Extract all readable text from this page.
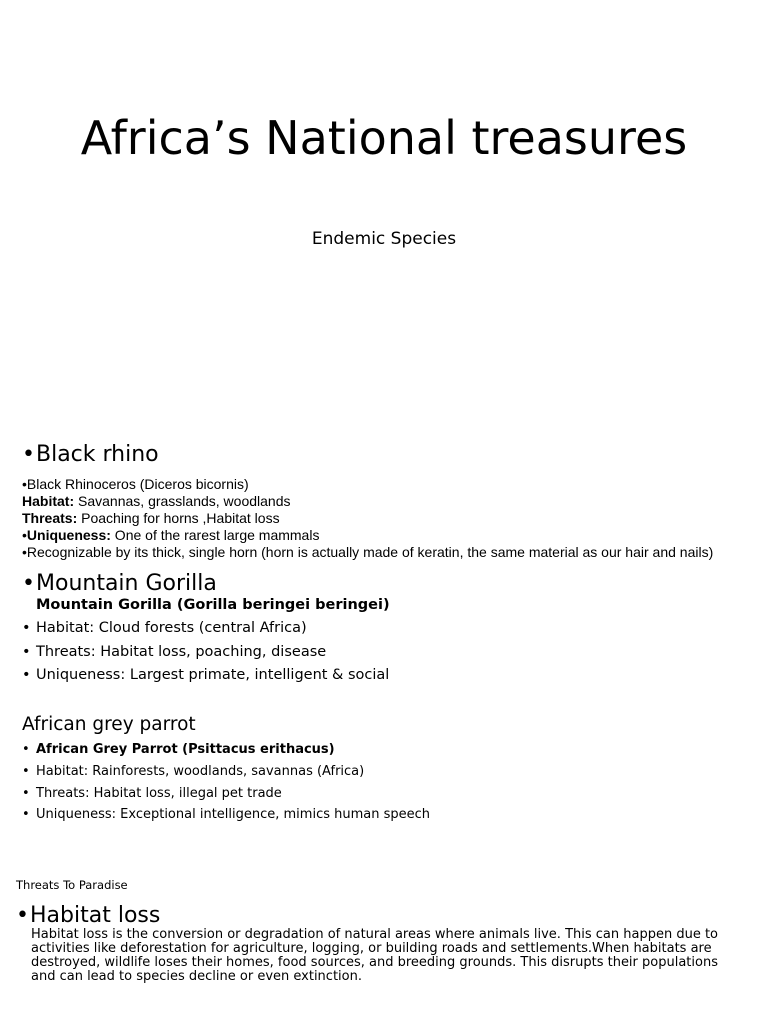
Africa’s National treasures
Endemic Species
•Black rhino
•Black Rhinoceros (Diceros bicornis)
Habitat: Savannas, grasslands, woodlands
Threats: Poaching for horns ,Habitat loss
•Uniqueness: One of the rarest large mammals
•Recognizable by its thick, single horn (horn is actually made of keratin, the same material as our hair and nails)
•Mountain Gorilla
Mountain Gorilla (Gorilla beringei beringei)
• Habitat: Cloud forests (central Africa)
• Threats: Habitat loss, poaching, disease
• Uniqueness: Largest primate, intelligent & social
African grey parrot
• African Grey Parrot (Psittacus erithacus)
• Habitat: Rainforests, woodlands, savannas (Africa)
• Threats: Habitat loss, illegal pet trade
• Uniqueness: Exceptional intelligence, mimics human speech
Threats To Paradise
•Habitat loss
Habitat loss is the conversion or degradation of natural areas where animals live. This can happen due to activities like deforestation for agriculture, logging, or building roads and settlements.When habitats are destroyed, wildlife loses their homes, food sources, and breeding grounds. This disrupts their populations and can lead to species decline or even extinction.
